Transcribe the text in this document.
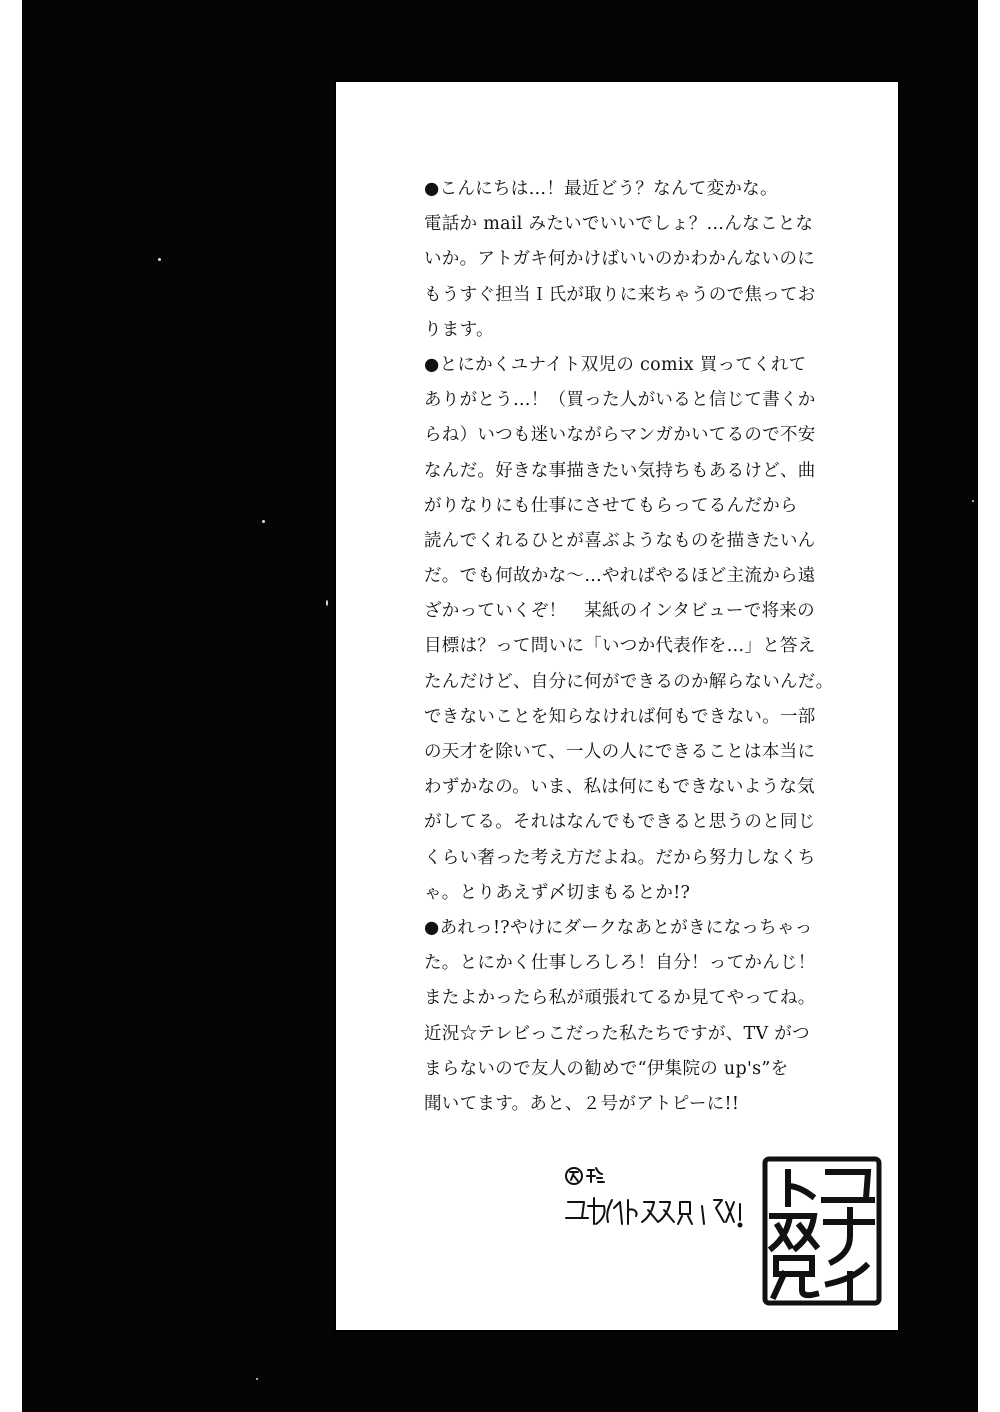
●こんにちは…！最近どう？なんて変かな。
電話か mail みたいでいいでしょ？…んなことな
いか。アトガキ何かけばいいのかわかんないのに
もうすぐ担当Ｉ氏が取りに来ちゃうので焦ってお
ります。
●とにかくユナイト双児の comix 買ってくれて
ありがとう…！（買った人がいると信じて書くか
らね）いつも迷いながらマンガかいてるので不安
なんだ。好きな事描きたい気持ちもあるけど、曲
がりなりにも仕事にさせてもらってるんだから
読んでくれるひとが喜ぶようなものを描きたいん
だ。でも何故かな〜…やればやるほど主流から遠
ざかっていくぞ！　某紙のインタビューで将来の
目標は？って問いに「いつか代表作を…」と答え
たんだけど、自分に何ができるのか解らないんだ。
できないことを知らなければ何もできない。一部
の天才を除いて、一人の人にできることは本当に
わずかなの。いま、私は何にもできないような気
がしてる。それはなんでもできると思うのと同じ
くらい奢った考え方だよね。だから努力しなくち
ゃ。とりあえず〆切まもるとか!?
●あれっ!?やけにダークなあとがきになっちゃっ
た。とにかく仕事しろしろ！自分！ってかんじ！
またよかったら私が頑張れてるか見てやってね。
近況☆テレビっこだった私たちですが、TV がつ
まらないので友人の勧めで“伊集院の up's”を
聞いてます。あと、２号がアトピーに!!
